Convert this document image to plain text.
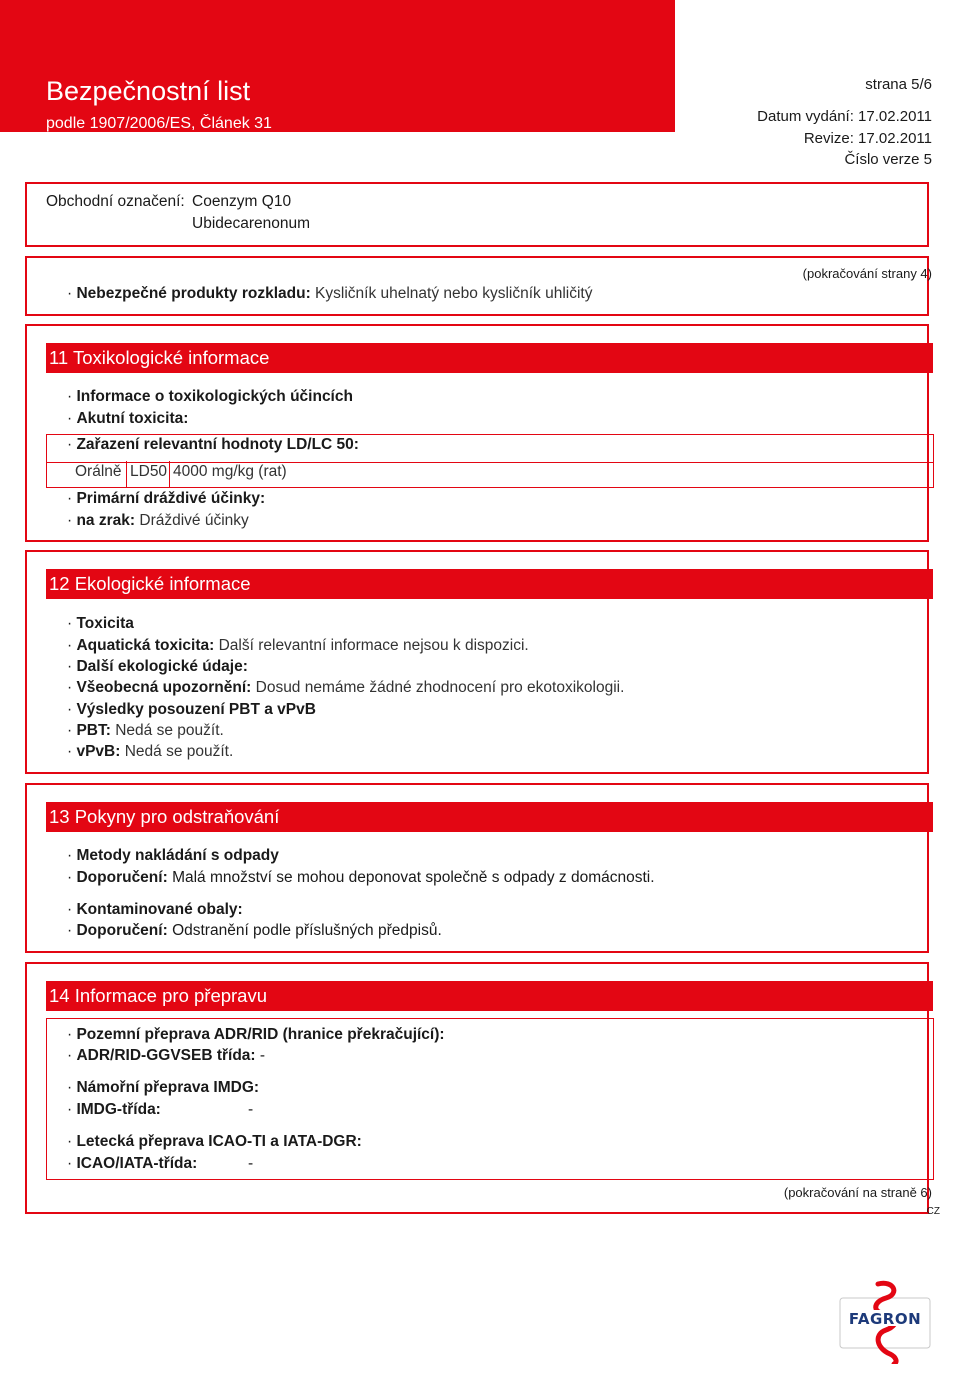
Bezpečnostní list
podle 1907/2006/ES, Článek 31
strana 5/6
Datum vydání: 17.02.2011
Revize: 17.02.2011
Číslo verze 5
Obchodní označení: Coenzym Q10
Ubidecarenonum
(pokračování strany 4)
· Nebezpečné produkty rozkladu: Kysličník uhelnatý nebo kysličník uhličitý
11 Toxikologické informace
· Informace o toxikologických účincích
· Akutní toxicita:
· Zařazení relevantní hodnoty LD/LC 50:
Orálně LD50 4000 mg/kg (rat)
· Primární dráždivé účinky:
· na zrak: Dráždivé účinky
12 Ekologické informace
· Toxicita
· Aquatická toxicita: Další relevantní informace nejsou k dispozici.
· Další ekologické údaje:
· Všeobecná upozornění: Dosud nemáme žádné zhodnocení pro ekotoxikologii.
· Výsledky posouzení PBT a vPvB
· PBT: Nedá se použít.
· vPvB: Nedá se použít.
13 Pokyny pro odstraňování
· Metody nakládání s odpady
· Doporučení: Malá množství se mohou deponovat společně s odpady z domácnosti.
· Kontaminované obaly:
· Doporučení: Odstranění podle příslušných předpisů.
14 Informace pro přepravu
· Pozemní přeprava ADR/RID (hranice překračující):
· ADR/RID-GGVSEB třída: -
· Námořní přeprava IMDG:
· IMDG-třída:	-
· Letecká přeprava ICAO-TI a IATA-DGR:
· ICAO/IATA-třída:	-
(pokračování na straně 6)
CZ
FAGRON
